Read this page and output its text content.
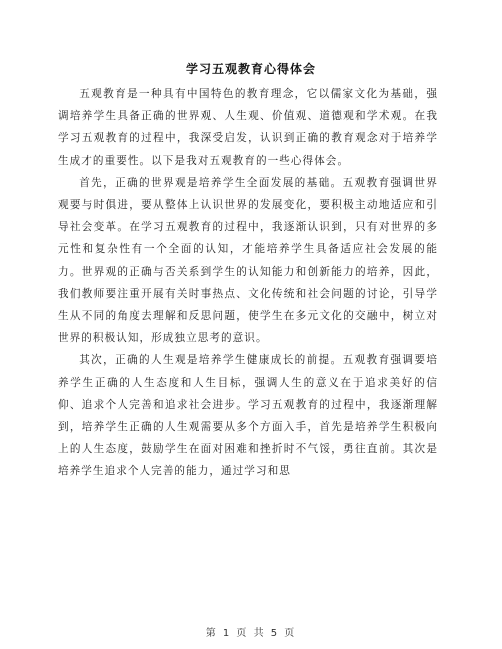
学习五观教育心得体会

五观教育是一种具有中国特色的教育理念，它以儒家文化为基础，强调培养学生具备正确的世界观、人生观、价值观、道德观和学术观。在我学习五观教育的过程中，我深受启发，认识到正确的教育观念对于培养学生成才的重要性。以下是我对五观教育的一些心得体会。

首先，正确的世界观是培养学生全面发展的基础。五观教育强调世界观要与时俱进，要从整体上认识世界的发展变化，要积极主动地适应和引导社会变革。在学习五观教育的过程中，我逐渐认识到，只有对世界的多元性和复杂性有一个全面的认知，才能培养学生具备适应社会发展的能力。世界观的正确与否关系到学生的认知能力和创新能力的培养，因此，我们教师要注重开展有关时事热点、文化传统和社会问题的讨论，引导学生从不同的角度去理解和反思问题，使学生在多元文化的交融中，树立对世界的积极认知，形成独立思考的意识。

其次，正确的人生观是培养学生健康成长的前提。五观教育强调要培养学生正确的人生态度和人生目标，强调人生的意义在于追求美好的信仰、追求个人完善和追求社会进步。学习五观教育的过程中，我逐渐理解到，培养学生正确的人生观需要从多个方面入手，首先是培养学生积极向上的人生态度，鼓励学生在面对困难和挫折时不气馁，勇往直前。其次是培养学生追求个人完善的能力，通过学习和思

第 1 页 共 5 页
